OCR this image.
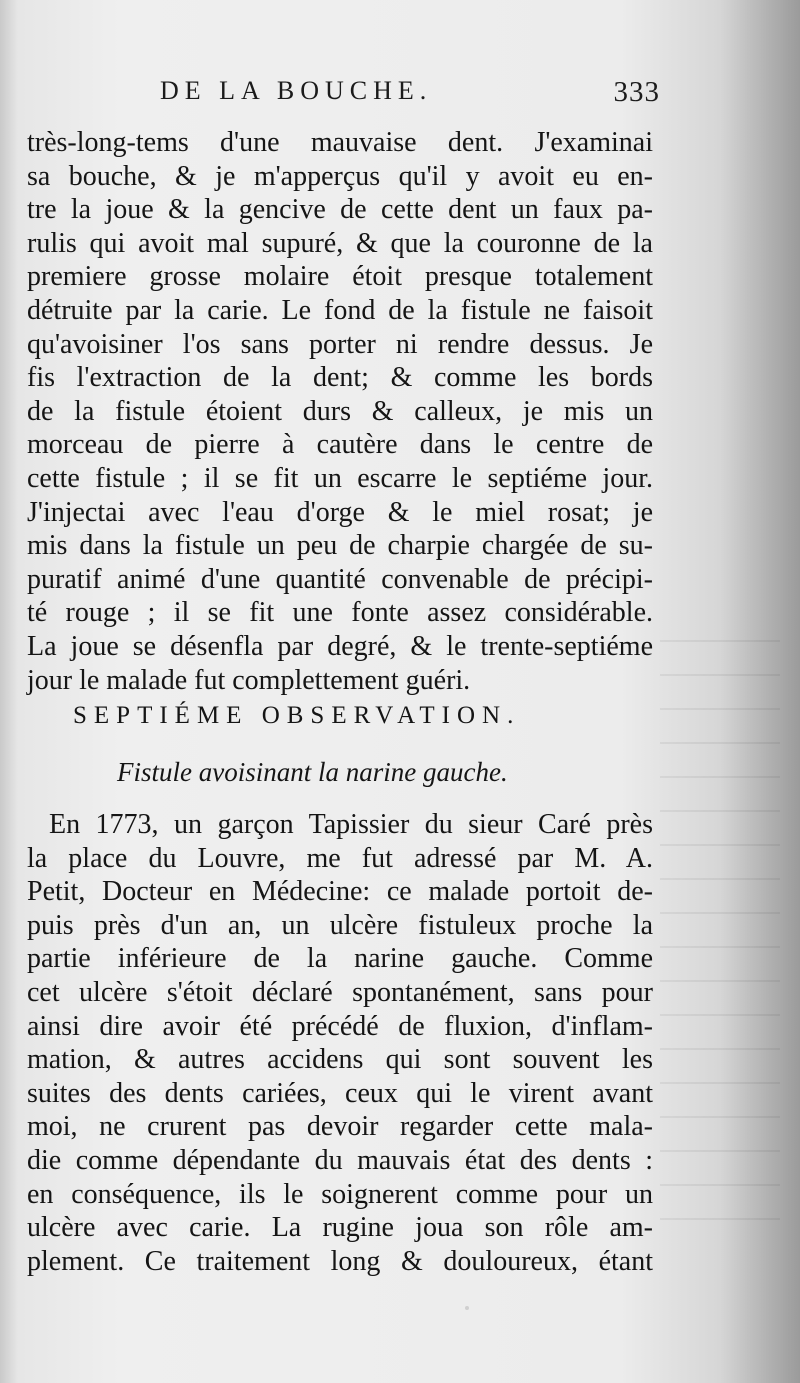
DE LA BOUCHE.	333
très-long-tems d'une mauvaise dent. J'examinai
sa bouche, & je m'apperçus qu'il y avoit eu en-
tre la joue & la gencive de cette dent un faux pa-
rulis qui avoit mal supuré, & que la couronne de la
premiere grosse molaire étoit presque totalement
détruite par la carie. Le fond de la fistule ne faisoit
qu'avoisiner l'os sans porter ni rendre dessus. Je
fis l'extraction de la dent; & comme les bords
de la fistule étoient durs & calleux, je mis un
morceau de pierre à cautère dans le centre de
cette fistule ; il se fit un escarre le septiéme jour.
J'injectai avec l'eau d'orge & le miel rosat; je
mis dans la fistule un peu de charpie chargée de su-
puratif animé d'une quantité convenable de précipi-
té rouge ; il se fit une fonte assez considérable.
La joue se désenfla par degré, & le trente-septiéme
jour le malade fut complettement guéri.
SEPTIÉME OBSERVATION.
Fistule avoisinant la narine gauche.
En 1773, un garçon Tapissier du sieur Caré près
la place du Louvre, me fut adressé par M. A.
Petit, Docteur en Médecine: ce malade portoit de-
puis près d'un an, un ulcère fistuleux proche la
partie inférieure de la narine gauche. Comme
cet ulcère s'étoit déclaré spontanément, sans pour
ainsi dire avoir été précédé de fluxion, d'inflam-
mation, & autres accidens qui sont souvent les
suites des dents cariées, ceux qui le virent avant
moi, ne crurent pas devoir regarder cette mala-
die comme dépendante du mauvais état des dents :
en conséquence, ils le soignerent comme pour un
ulcère avec carie. La rugine joua son rôle am-
plement. Ce traitement long & douloureux, étant
